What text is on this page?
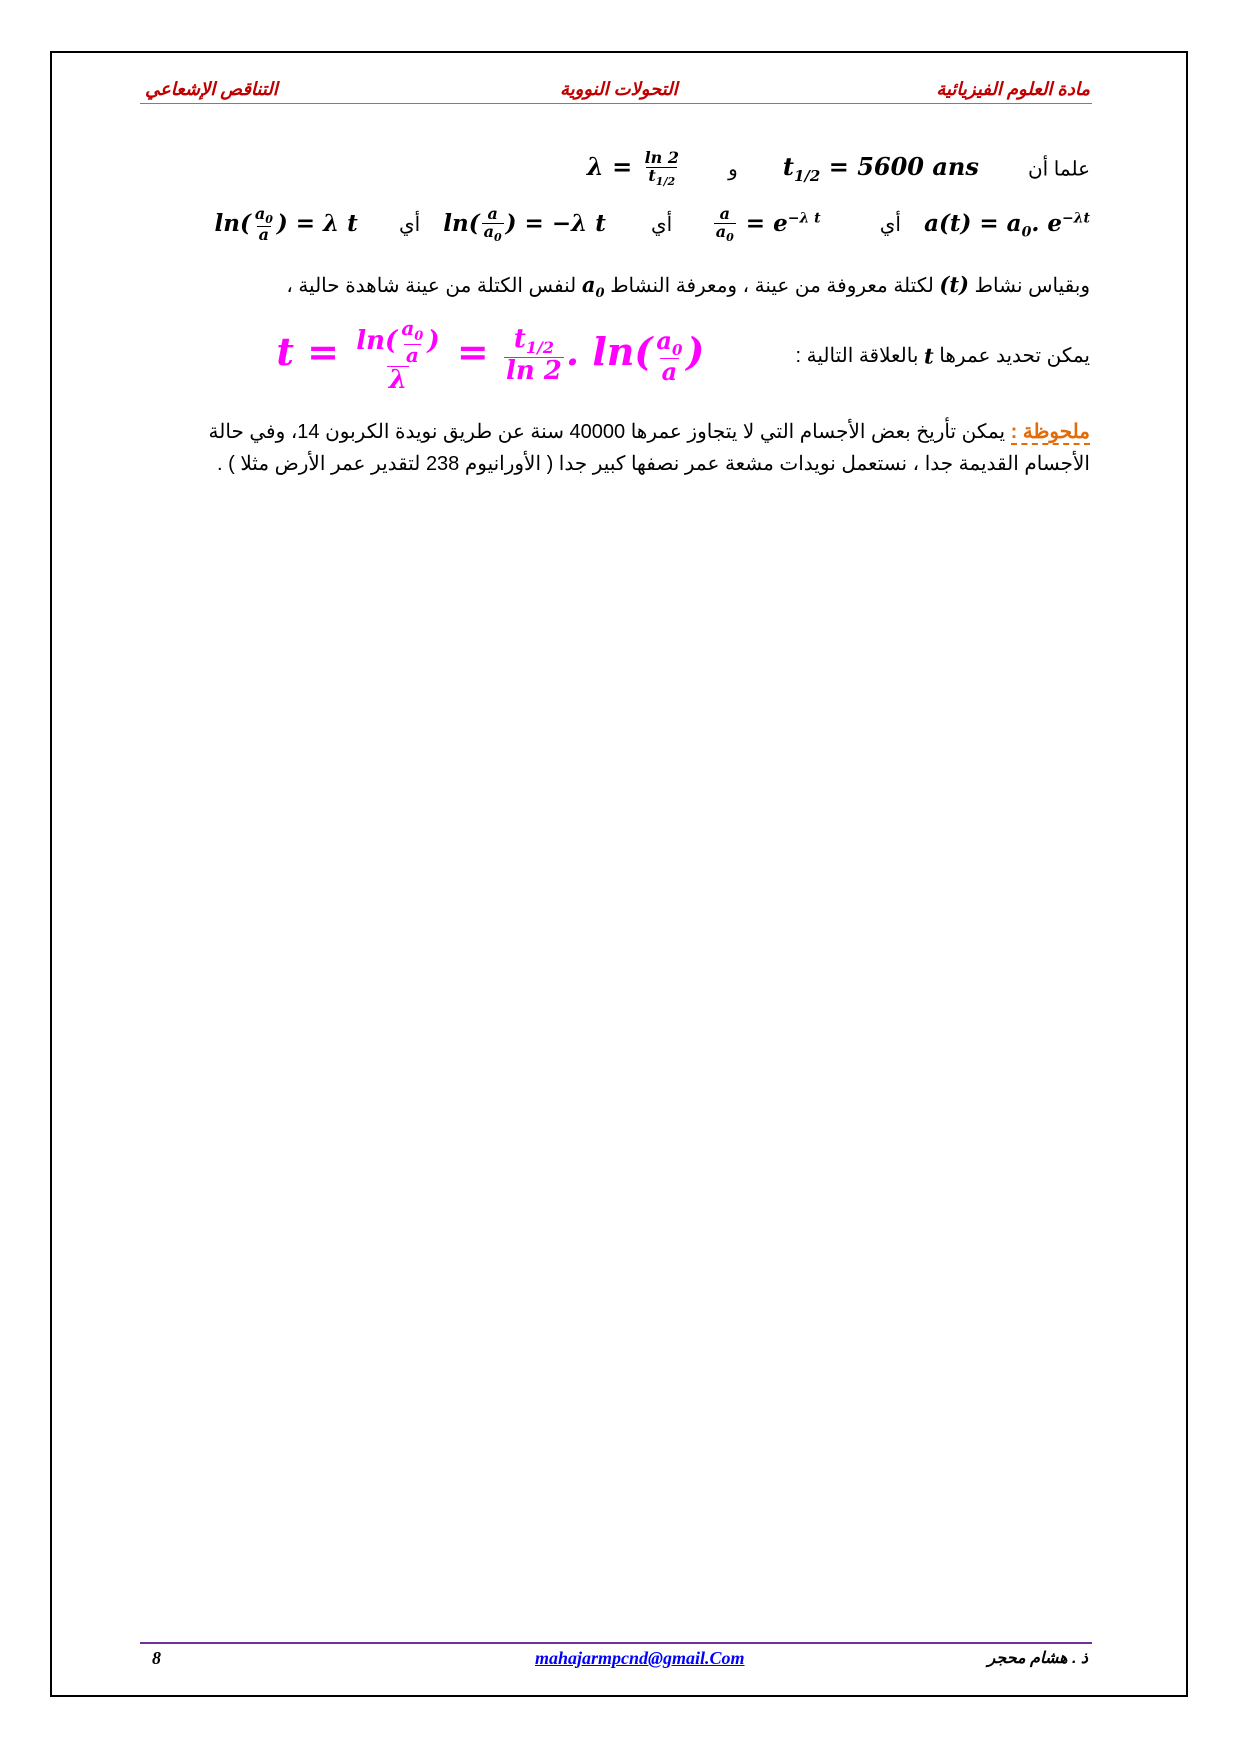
مادة العلوم الفيزيائية
التحولات النووية
التناقص الإشعاعي
علما أن  $t_{1/2} = 5600$ ans  و  $\lambda = \frac{\ln 2}{t_{1/2}}$
$a(t) = a_0$. $e^{-\lambda t}$  أي
$\frac{a}{a_0} = e^{-\lambda t}$  أي  $\ln( \frac{a}{a_0}$ ) = −λ t  أي  $\ln( \frac{a_0}{a}$ ) = λ t
وبقياس نشاط (t) لكتلة معروفة من عينة ، ومعرفة النشاط $a_0$ لنفس الكتلة من عينة شاهدة حالية ،
يمكن تحديد عمرها t بالعلاقة التالية :  $t = \frac{\ln( \frac{a_0}{a} )}{\lambda} = \frac{t_{1/2}}{\ln 2}$ . $\ln( \frac{a_0}{a}$ )
ملحوظة : يمكن تأريخ بعض الأجسام التي لا يتجاوز عمرها 40000 سنة عن طريق نويدة الكربون 14، وفي حالة الأجسام القديمة جدا ، نستعمل نويدات مشعة عمر نصفها كبير جدا ( الأورانيوم 238 لتقدير عمر الأرض مثلا ) .
8	mahajarmpcnd@gmail.Com	ذ . هشام محجر
